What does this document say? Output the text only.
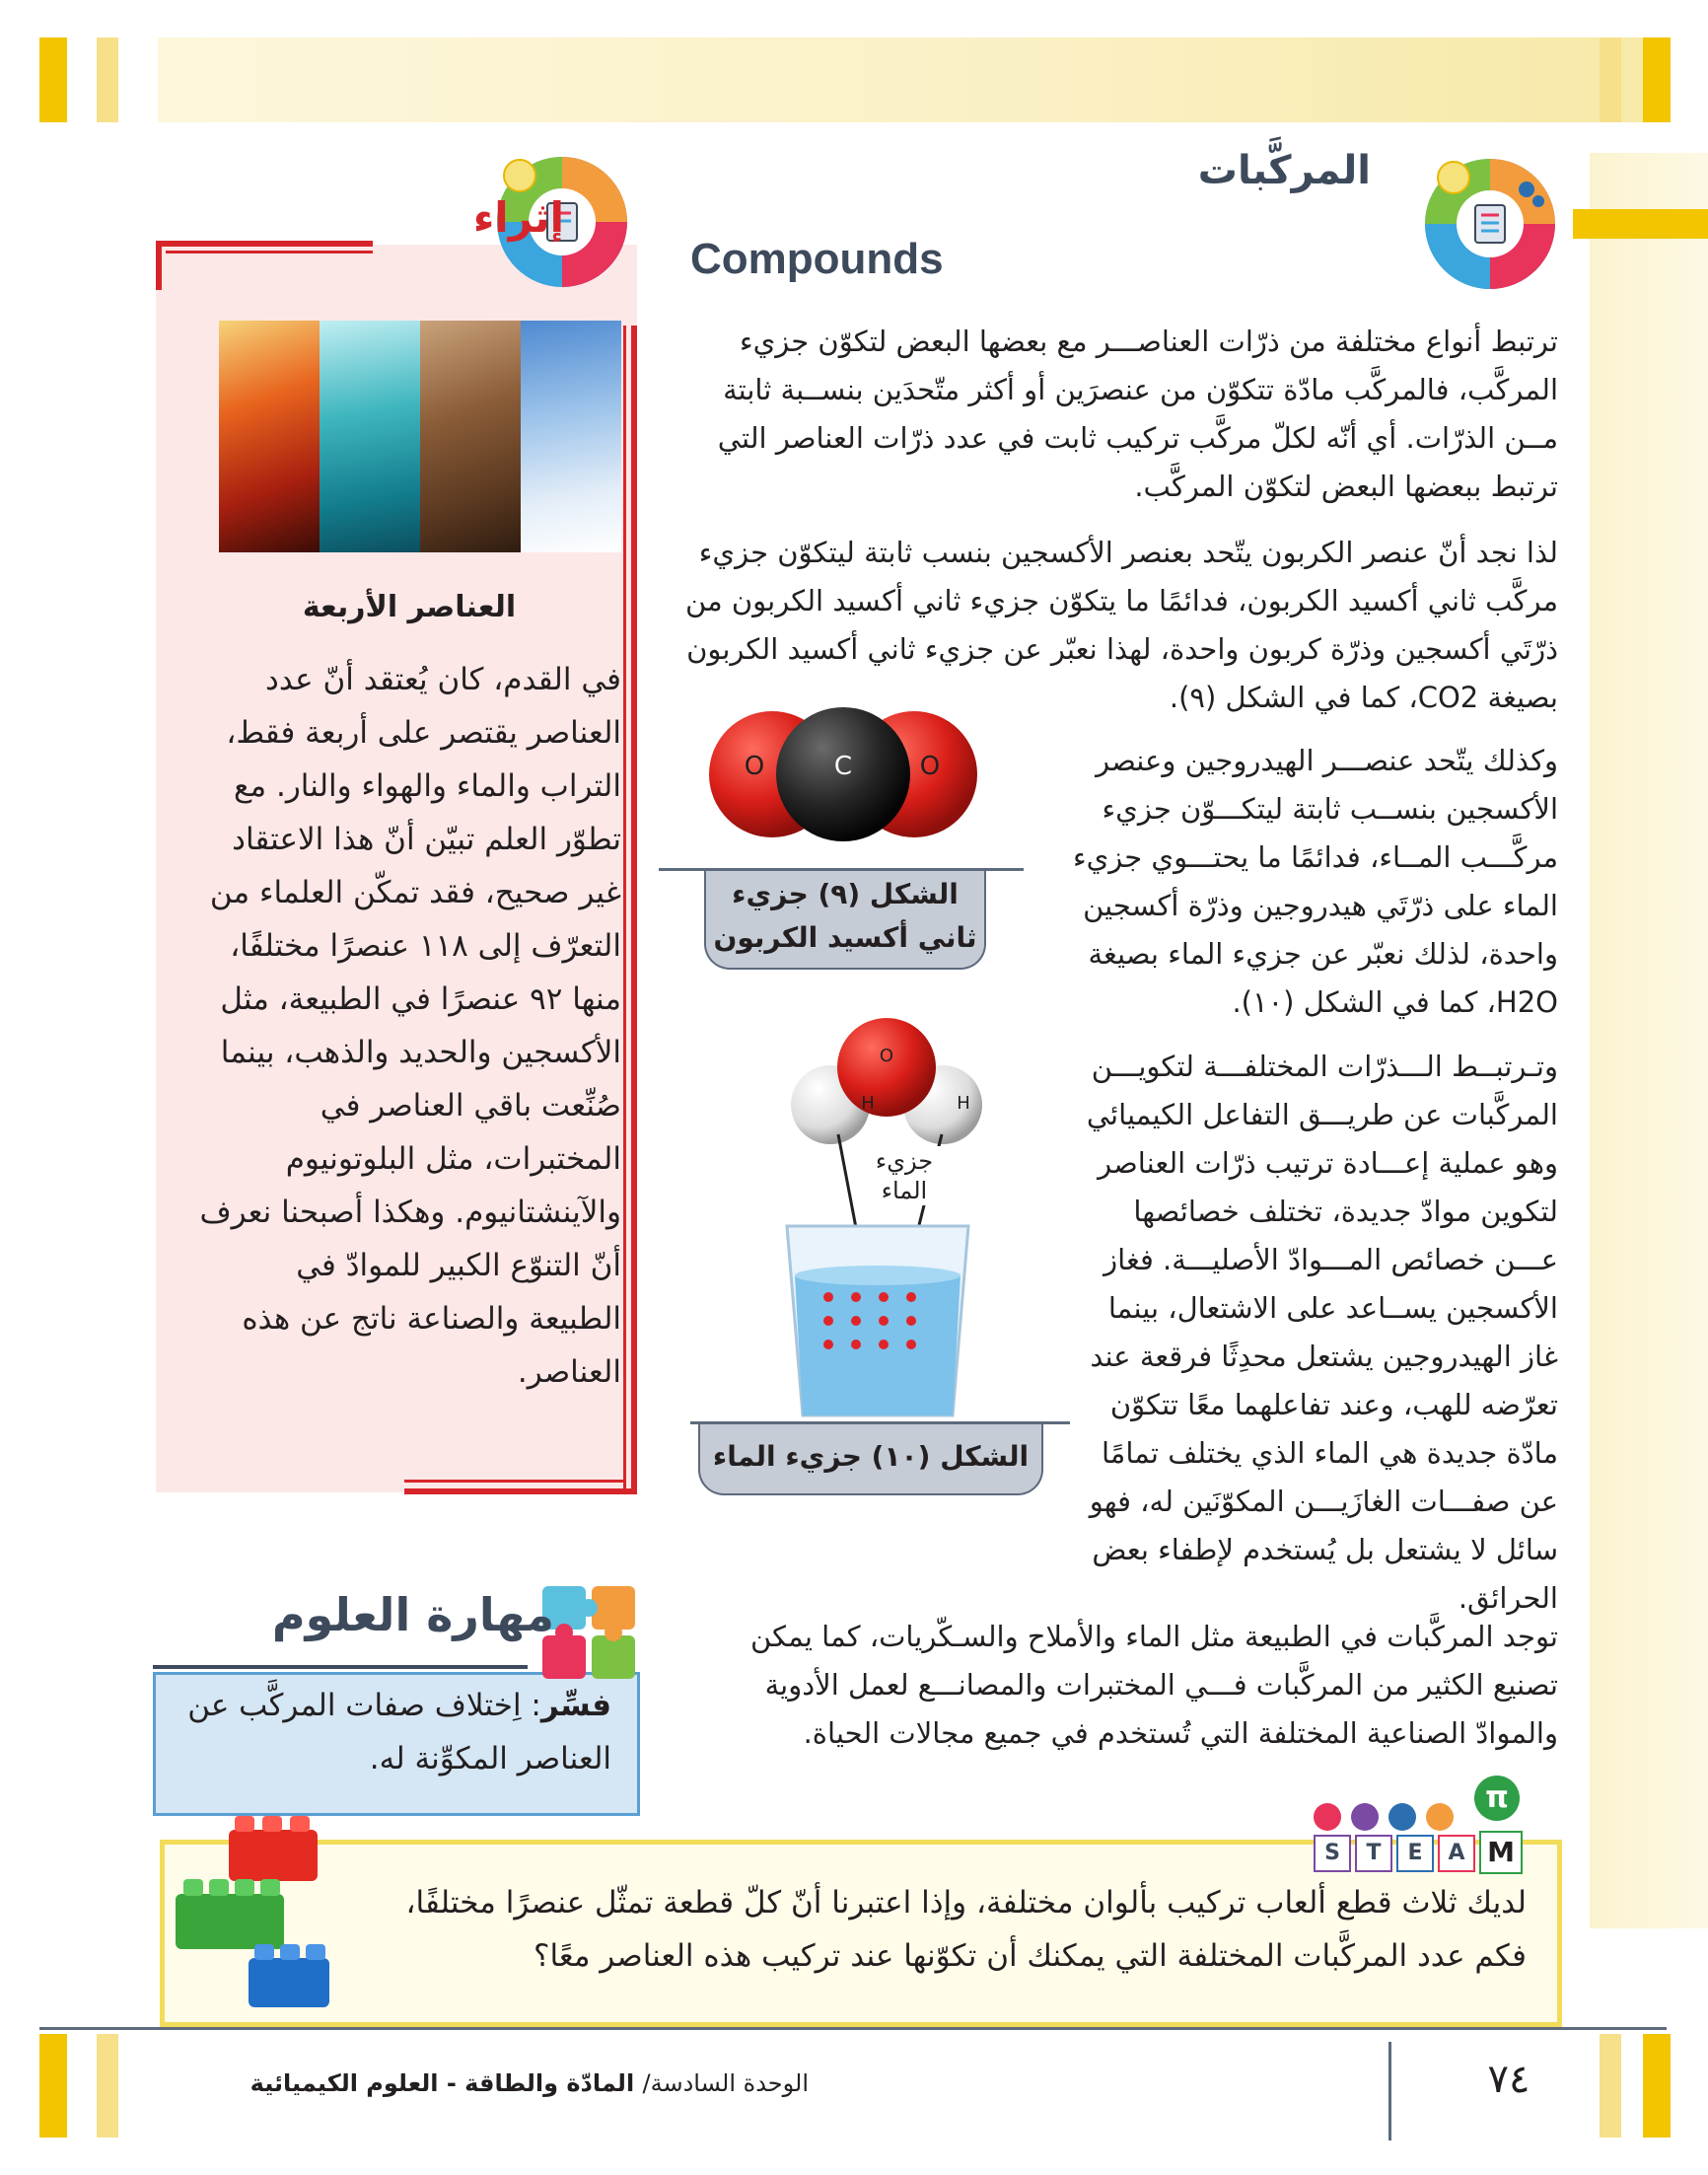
المركَّبات
Compounds
ترتبط أنواع مختلفة من ذرّات العناصـــر مع بعضها البعض لتكوّن جزيء المركَّب، فالمركَّب مادّة تتكوّن من عنصرَين أو أكثر متّحدَين بنســبة ثابتة مــن الذرّات. أي أنّه لكلّ مركَّب تركيب ثابت في عدد ذرّات العناصر التي ترتبط ببعضها البعض لتكوّن المركَّب.
لذا نجد أنّ عنصر الكربون يتّحد بعنصر الأكسجين بنسب ثابتة ليتكوّن جزيء مركَّب ثاني أكسيد الكربون، فدائمًا ما يتكوّن جزيء ثاني أكسيد الكربون من ذرّتَي أكسجين وذرّة كربون واحدة، لهذا نعبّر عن جزيء ثاني أكسيد الكربون بصيغة CO2، كما في الشكل (٩).
وكذلك يتّحد عنصـــر الهيدروجين وعنصر الأكسجين بنســب ثابتة ليتكـــوّن جزيء مركَّـــب المــاء، فدائمًا ما يحتـــوي جزيء الماء على ذرّتَي هيدروجين وذرّة أكسجين واحدة، لذلك نعبّر عن جزيء الماء بصيغة H2O، كما في الشكل (١٠).
وتـرتبــط الـــذرّات المختلفـــة لتكويـــن المركَّبات عن طريـــق التفاعل الكيميائي وهو عملية إعـــادة ترتيب ذرّات العناصر لتكوين موادّ جديدة، تختلف خصائصها عـــن خصائص المـــوادّ الأصليـــة. فغاز الأكسجين يســاعد على الاشتعال، بينما غاز الهيدروجين يشتعل محدِثًا فرقعة عند تعرّضه للهب، وعند تفاعلهما معًا تتكوّن مادّة جديدة هي الماء الذي يختلف تمامًا عن صفـــات الغازَيـــن المكوّنَين له، فهو سائل لا يشتعل بل يُستخدم لإطفاء بعض الحرائق.
توجد المركَّبات في الطبيعة مثل الماء والأملاح والسـكّريات، كما يمكن تصنيع الكثير من المركَّبات فـــي المختبرات والمصانـــع لعمل الأدوية والموادّ الصناعية المختلفة التي تُستخدم في جميع مجالات الحياة.
O	C	O
الشكل (٩) جزيء ثاني أكسيد الكربون
O
H	H
جزيء الماء
الشكل (١٠) جزيء الماء
إثراء
العناصر الأربعة
في القدم، كان يُعتقد أنّ عدد العناصر يقتصر على أربعة فقط، التراب والماء والهواء والنار. مع تطوّر العلم تبيّن أنّ هذا الاعتقاد غير صحيح، فقد تمكّن العلماء من التعرّف إلى ١١٨ عنصرًا مختلفًا، منها ٩٢ عنصرًا في الطبيعة، مثل الأكسجين والحديد والذهب، بينما صُنِّعت باقي العناصر في المختبرات، مثل البلوتونيوم والآينشتانيوم. وهكذا أصبحنا نعرف أنّ التنوّع الكبير للموادّ في الطبيعة والصناعة ناتج عن هذه العناصر.
مهارة العلوم
فسِّر: اِختلاف صفات المركَّب عن العناصر المكوِّنة له.
S	T	E	A M
π
لديك ثلاث قطع ألعاب تركيب بألوان مختلفة، وإذا اعتبرنا أنّ كلّ قطعة تمثّل عنصرًا مختلفًا، فكم عدد المركَّبات المختلفة التي يمكنك أن تكوّنها عند تركيب هذه العناصر معًا؟
الوحدة السادسة/ المادّة والطاقة - العلوم الكيميائية	٧٤
